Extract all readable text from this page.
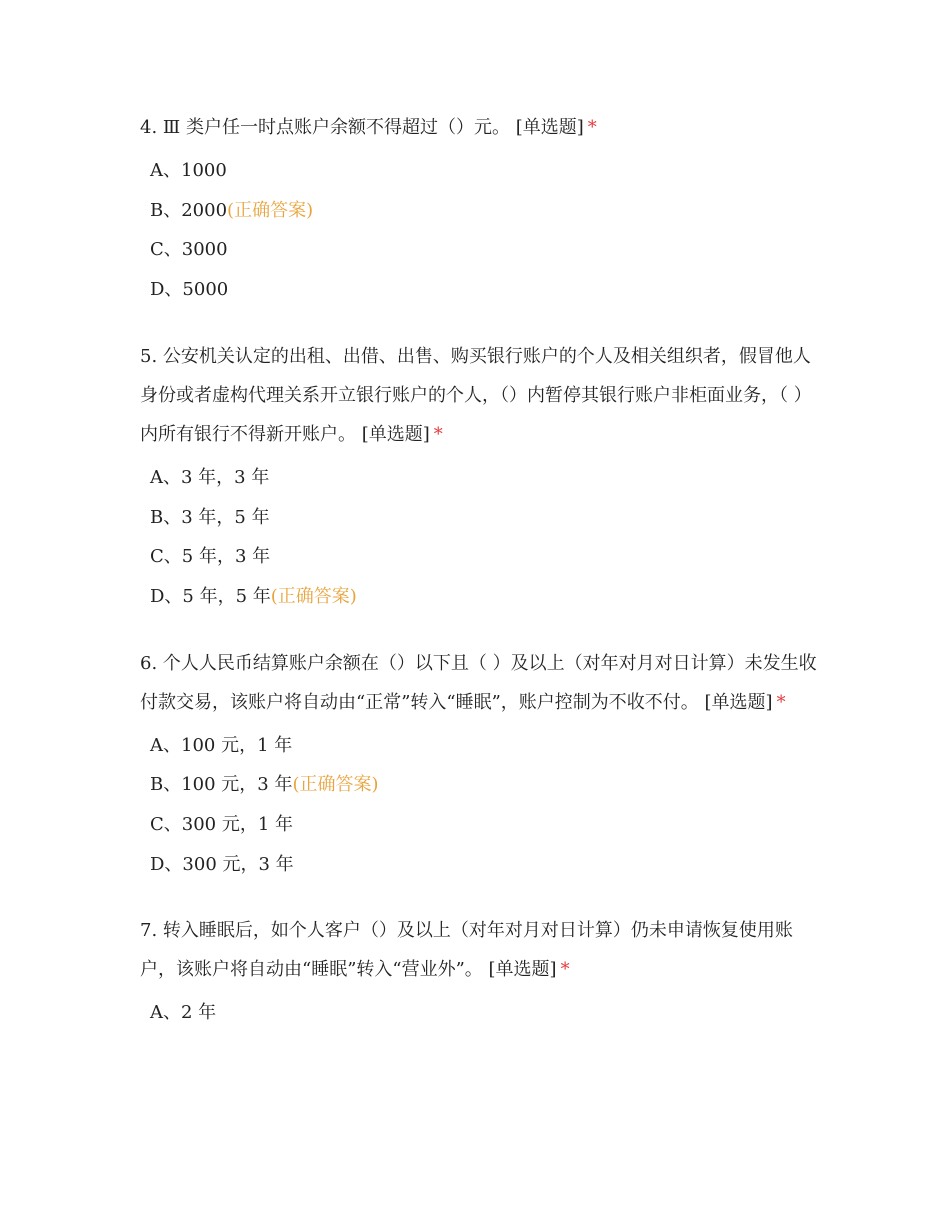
4. Ⅲ 类户任一时点账户余额不得超过（）元。 [单选题] *

A、1000
B、2000(正确答案)
C、3000
D、5000

5. 公安机关认定的出租、出借、出售、购买银行账户的个人及相关组织者，假冒他人身份或者虚构代理关系开立银行账户的个人，（）内暂停其银行账户非柜面业务，（ ）内所有银行不得新开账户。 [单选题] *

A、3 年，3 年
B、3 年，5 年
C、5 年，3 年
D、5 年，5 年(正确答案)

6. 个人人民币结算账户余额在（）以下且（ ）及以上（对年对月对日计算）未发生收付款交易，该账户将自动由“正常”转入“睡眠”，账户控制为不收不付。 [单选题] *

A、100 元，1 年
B、100 元，3 年(正确答案)
C、300 元，1 年
D、300 元，3 年

7. 转入睡眠后，如个人客户（）及以上（对年对月对日计算）仍未申请恢复使用账户，该账户将自动由“睡眠”转入“营业外”。 [单选题] *

A、2 年
